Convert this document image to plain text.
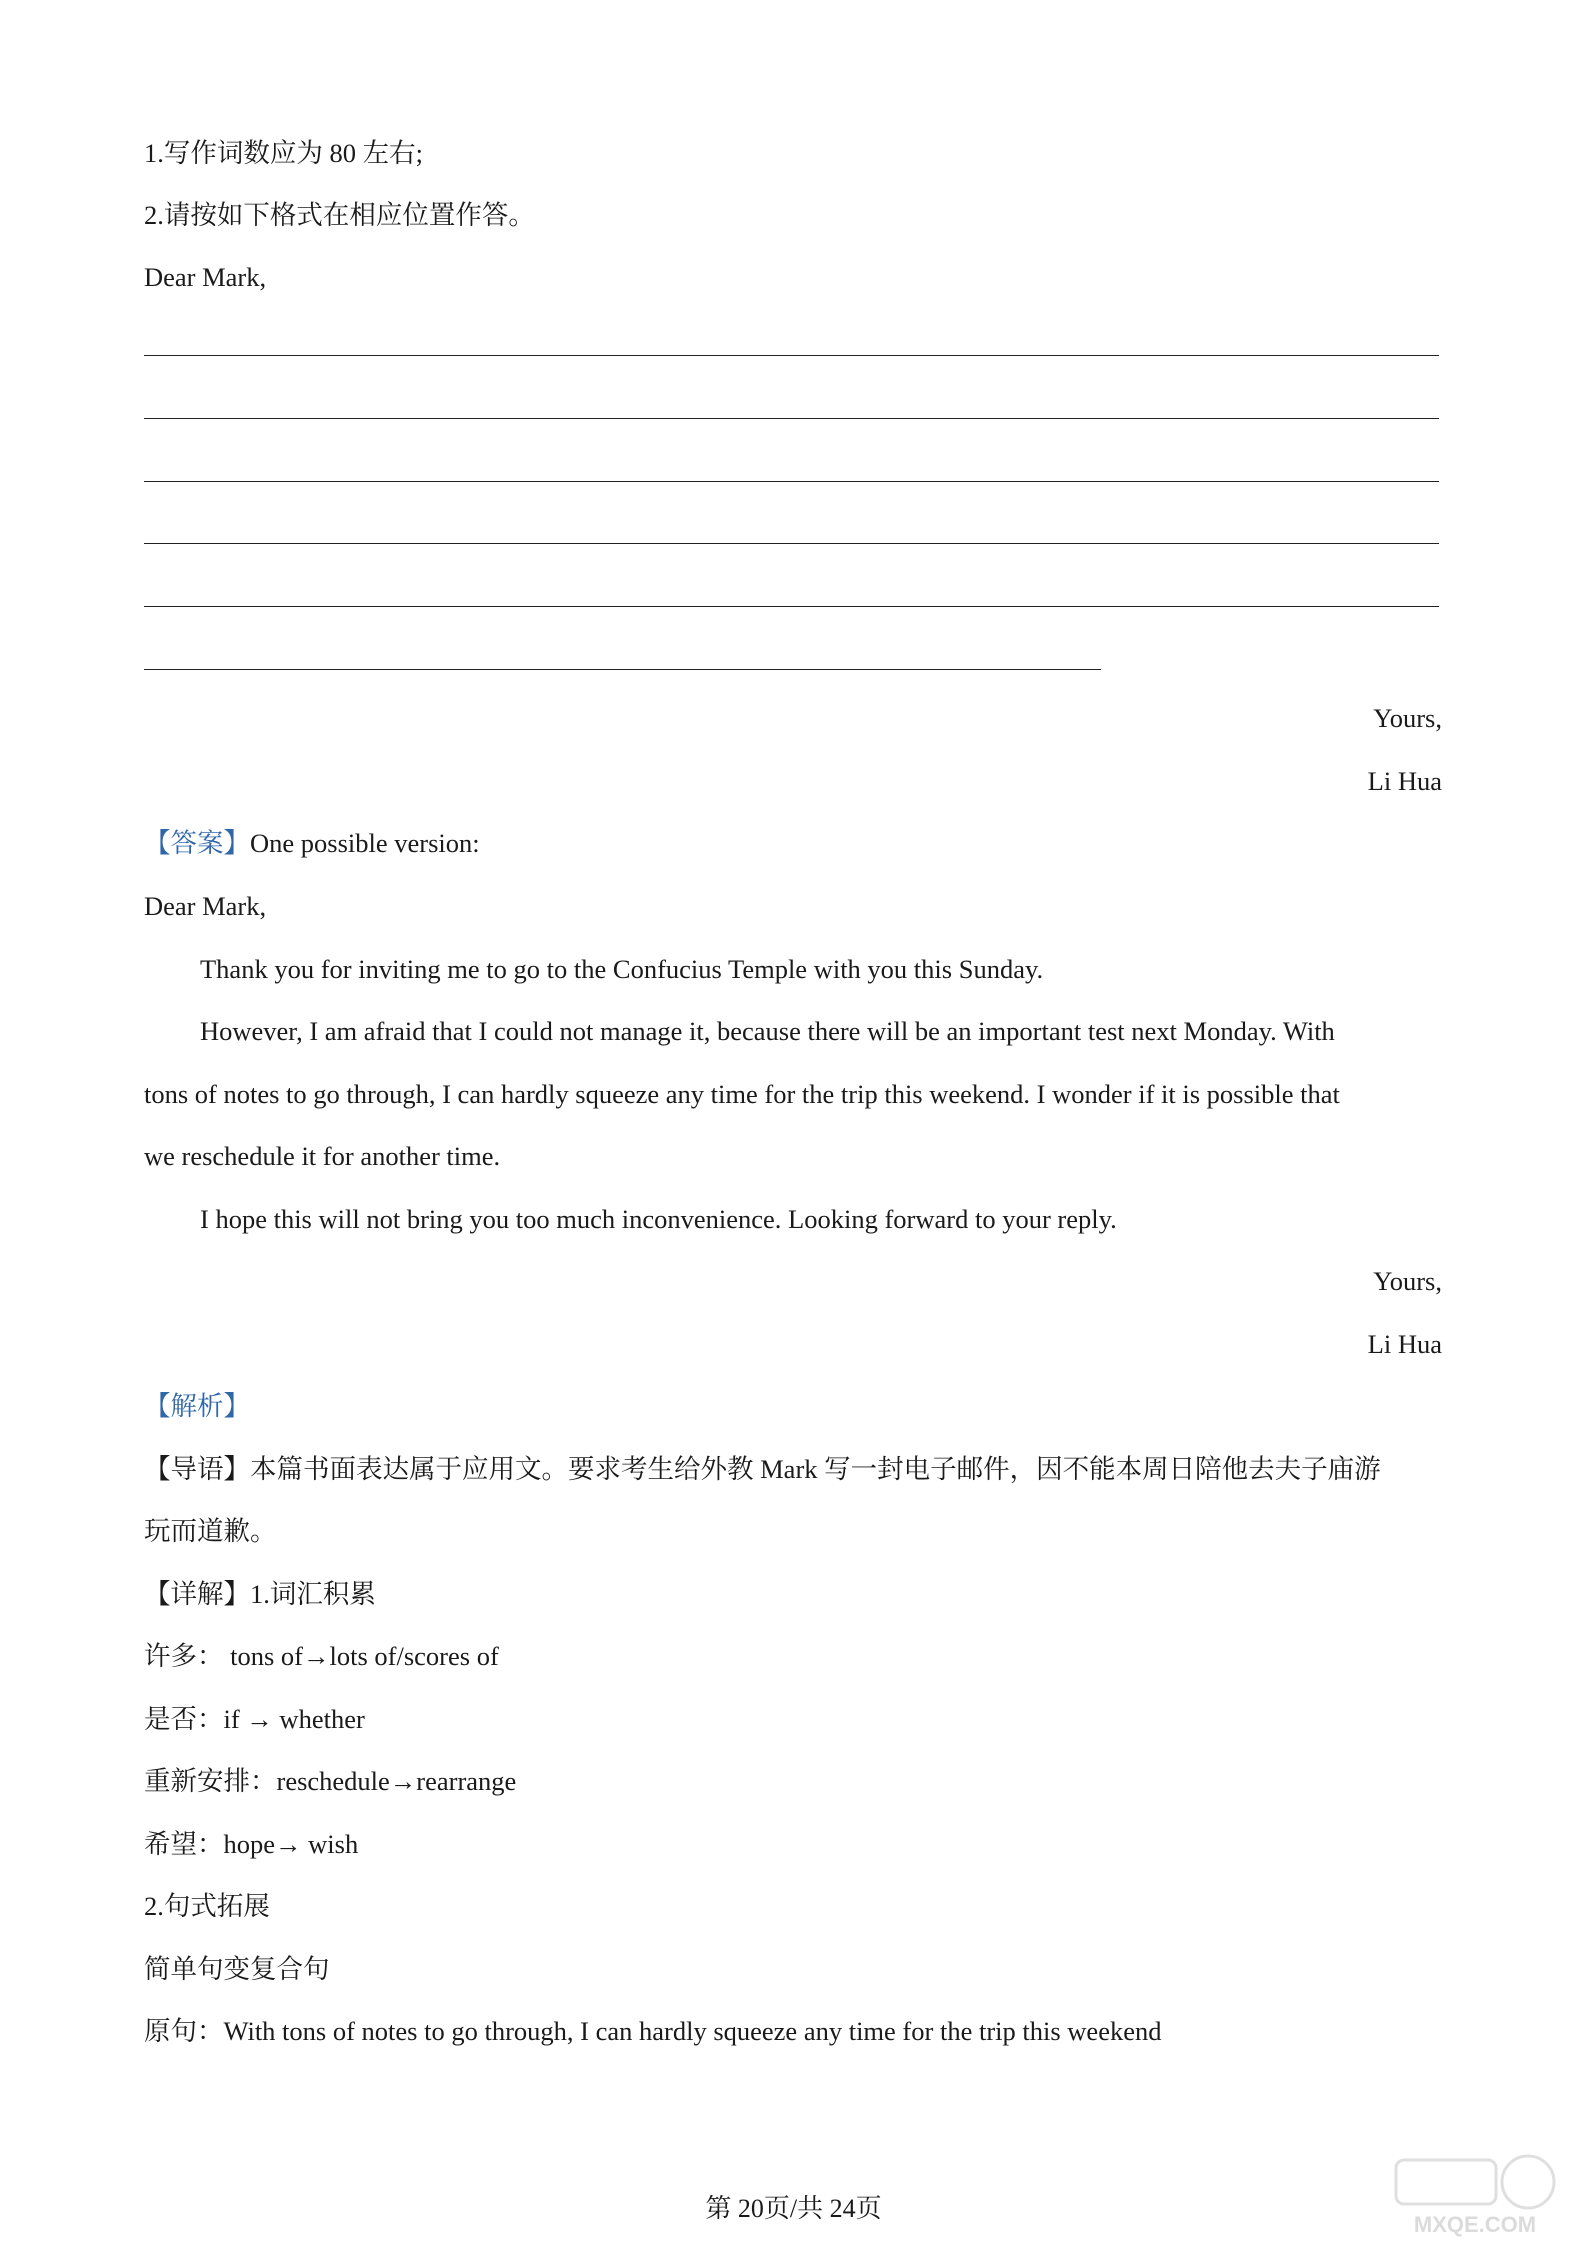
1.写作词数应为 80 左右;
2.请按如下格式在相应位置作答。
Dear Mark,
Yours,
Li Hua
【答案】One possible version:
Dear Mark,
Thank you for inviting me to go to the Confucius Temple with you this Sunday.
However, I am afraid that I could not manage it, because there will be an important test next Monday. With
tons of notes to go through, I can hardly squeeze any time for the trip this weekend. I wonder if it is possible that
we reschedule it for another time.
I hope this will not bring you too much inconvenience. Looking forward to your reply.
Yours,
Li Hua
【解析】
【导语】本篇书面表达属于应用文。要求考生给外教 Mark 写一封电子邮件，因不能本周日陪他去夫子庙游
玩而道歉。
【详解】1.词汇积累
许多： tons of→lots of/scores of
是否：if → whether
重新安排：reschedule→rearrange
希望：hope→ wish
2.句式拓展
简单句变复合句
原句：With tons of notes to go through, I can hardly squeeze any time for the trip this weekend
第 20页/共 24页
MXQE.COM
